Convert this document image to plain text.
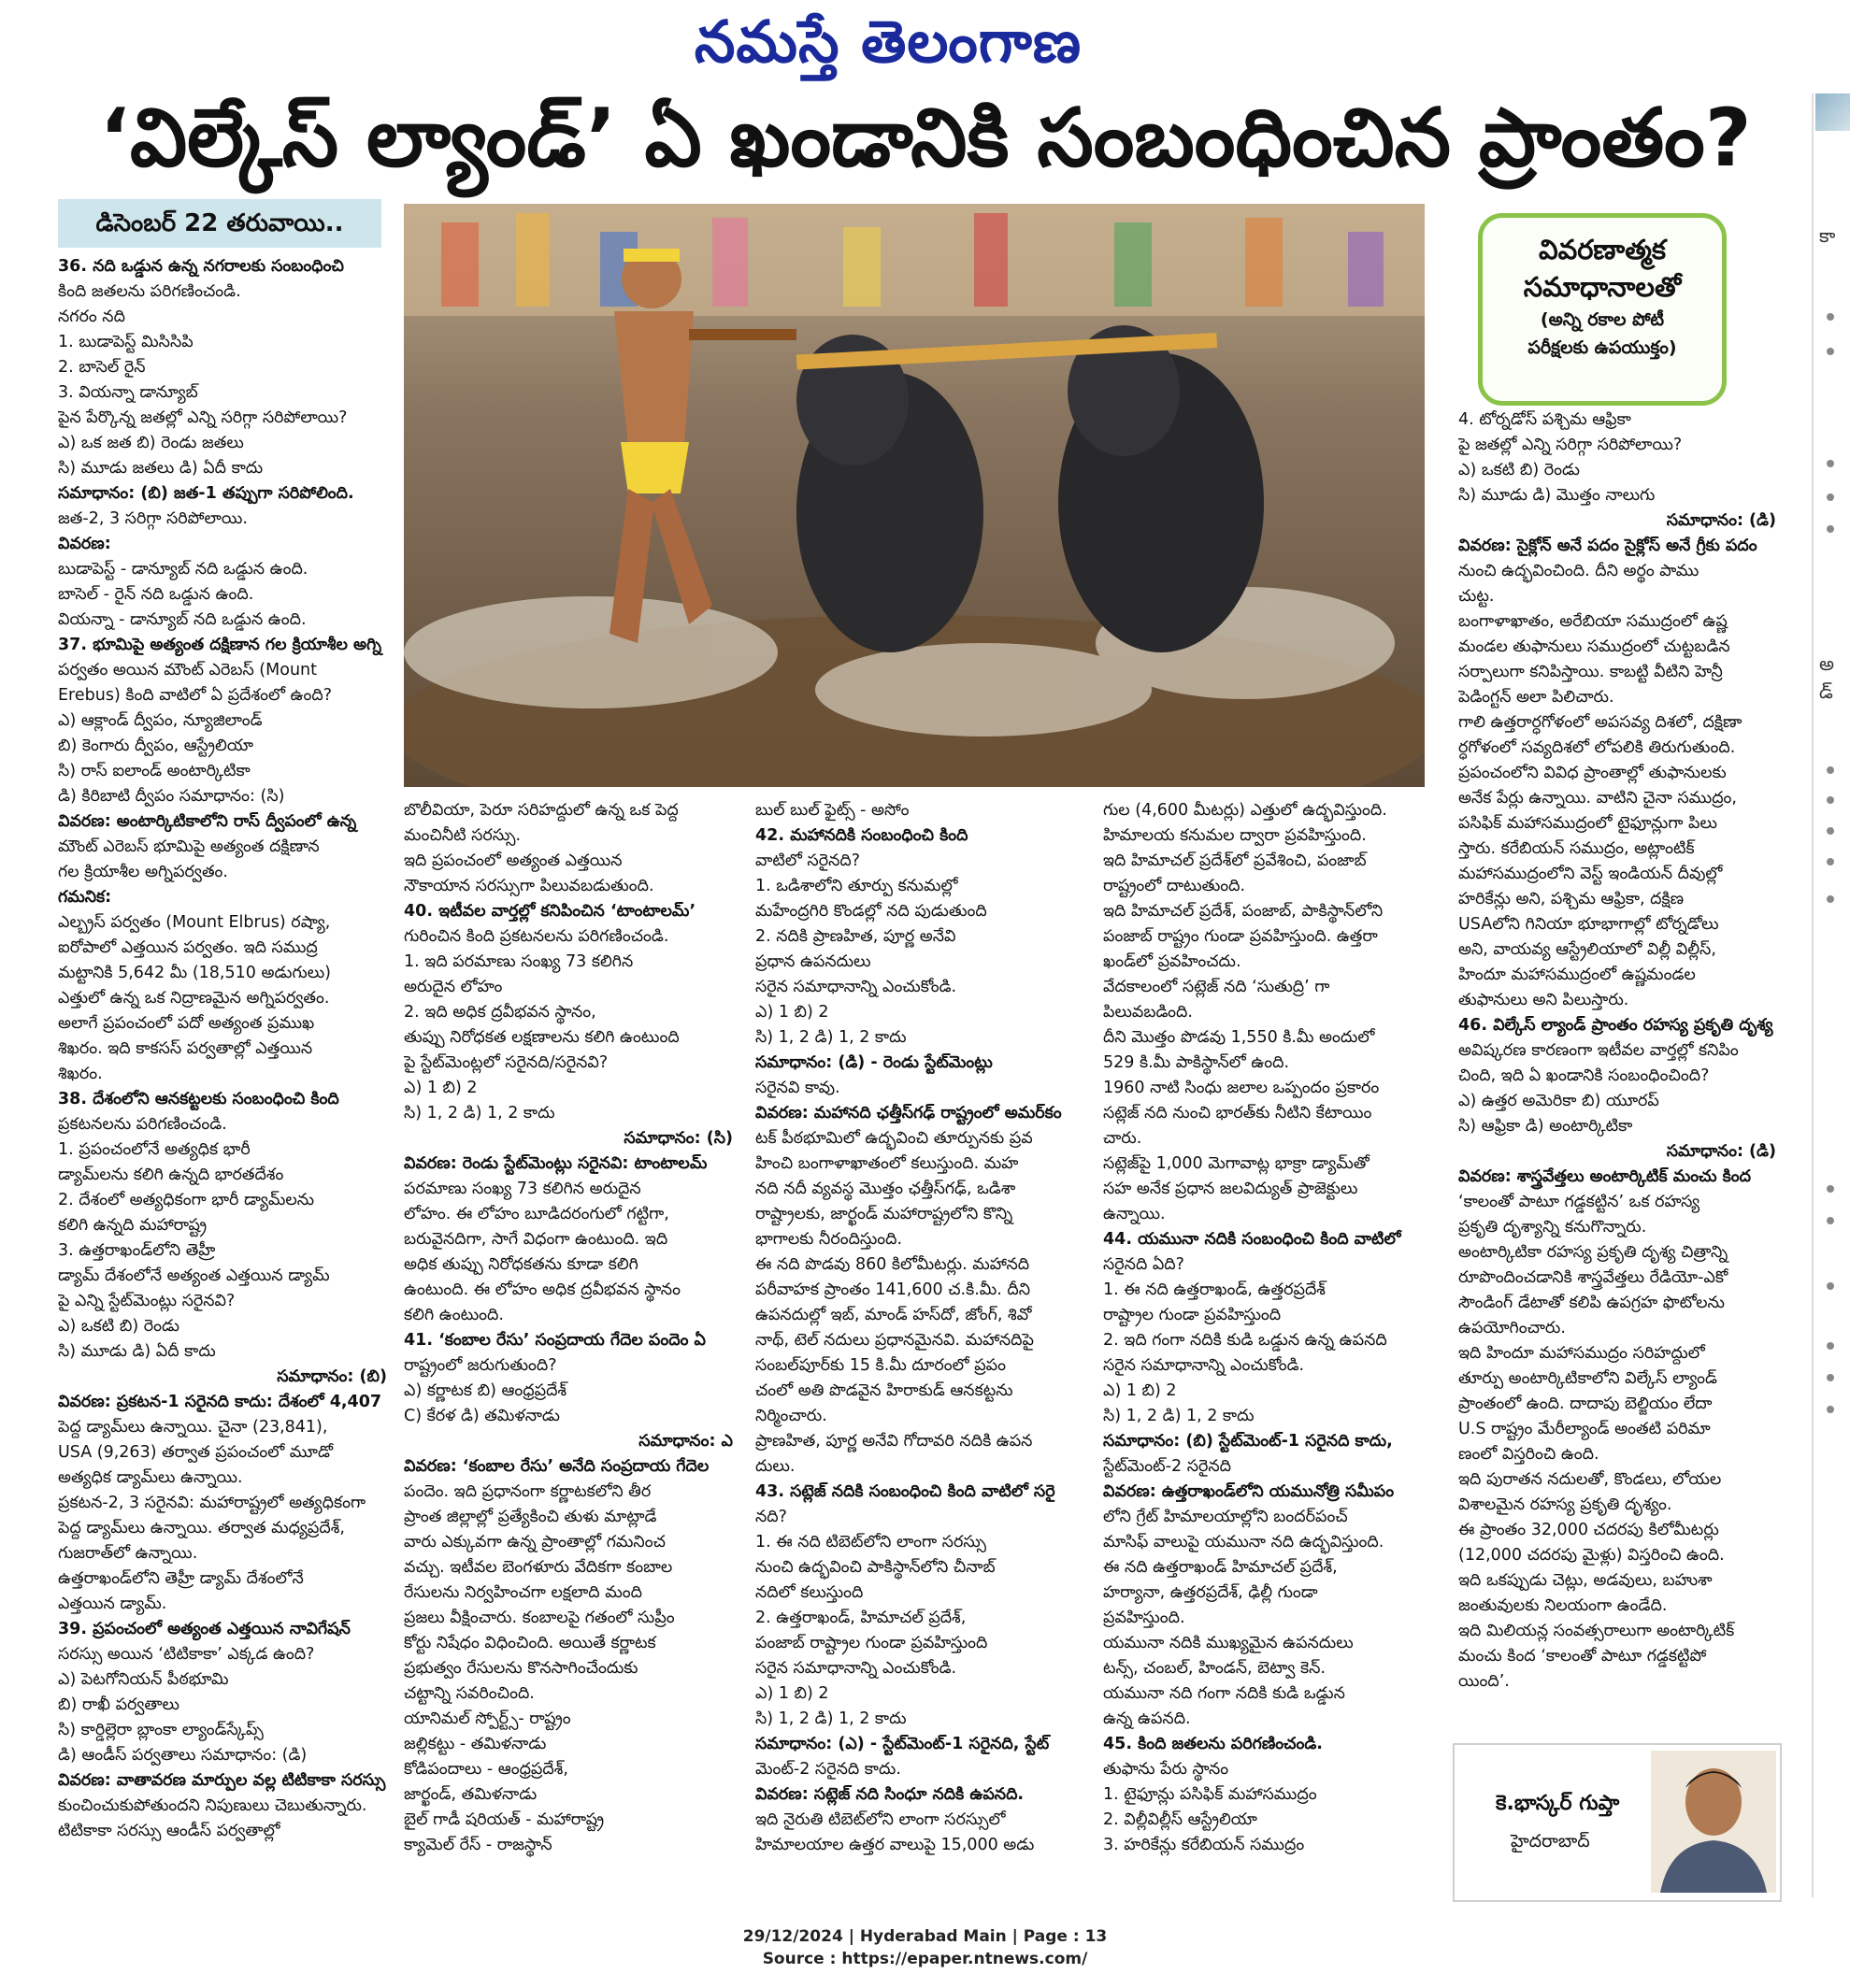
నమస్తే తెలంగాణ
‘విల్కేస్ ల్యాండ్’ ఏ ఖండానికి సంబంధించిన ప్రాంతం?
డిసెంబర్ 22 తరువాయి..
వివరణాత్మక
సమాధానాలతో
(అన్ని రకాల పోటీ
పరీక్షలకు ఉపయుక్తం)

36. నది ఒడ్డున ఉన్న నగరాలకు సంబంధించి

కింది జతలను పరిగణించండి.

నగరం నది

1. బుడాపెస్ట్ మిసిసిపి

2. బాసెల్ రైన్

3. వియన్నా డాన్యూబ్

పైన పేర్కొన్న జతల్లో ఎన్ని సరిగ్గా సరిపోలాయి?

ఎ) ఒక జత బి) రెండు జతలు

సి) మూడు జతలు డి) ఏదీ కాదు

సమాధానం: (బి) జత-1 తప్పుగా సరిపోలింది.

జత-2, 3 సరిగ్గా సరిపోలాయి.

వివరణ:

బుడాపెస్ట్ - డాన్యూబ్ నది ఒడ్డున ఉంది.

బాసెల్ - రైన్ నది ఒడ్డున ఉంది.

వియన్నా - డాన్యూబ్ నది ఒడ్డున ఉంది.

37. భూమిపై అత్యంత దక్షిణాన గల క్రియాశీల అగ్ని

పర్వతం అయిన మౌంట్ ఎరెబస్ (Mount

Erebus) కింది వాటిలో ఏ ప్రదేశంలో ఉంది?

ఎ) ఆక్లాండ్ ద్వీపం, న్యూజిలాండ్

బి) కెంగారు ద్వీపం, ఆస్ట్రేలియా

సి) రాస్ ఐలాండ్ అంటార్కిటికా

డి) కిరిబాటి ద్వీపం సమాధానం: (సి)

వివరణ: అంటార్కిటికాలోని రాస్ ద్వీపంలో ఉన్న

మౌంట్ ఎరెబస్ భూమిపై అత్యంత దక్షిణాన

గల క్రియాశీల అగ్నిపర్వతం.

గమనిక:

ఎల్బ్రస్ పర్వతం (Mount Elbrus) రష్యా,

ఐరోపాలో ఎత్తయిన పర్వతం. ఇది సముద్ర

మట్టానికి 5,642 మీ (18,510 అడుగులు)

ఎత్తులో ఉన్న ఒక నిద్రాణమైన అగ్నిపర్వతం.

అలాగే ప్రపంచంలో పదో అత్యంత ప్రముఖ

శిఖరం. ఇది కాకసస్ పర్వతాల్లో ఎత్తయిన

శిఖరం.

38. దేశంలోని ఆనకట్టలకు సంబంధించి కింది

ప్రకటనలను పరిగణించండి.

1. ప్రపంచంలోనే అత్యధిక భారీ

డ్యామ్‌లను కలిగి ఉన్నది భారతదేశం

2. దేశంలో అత్యధికంగా భారీ డ్యామ్‌లను

కలిగి ఉన్నది మహారాష్ట్ర

3. ఉత్తరాఖండ్‌లోని తెహ్రీ

డ్యామ్ దేశంలోనే అత్యంత ఎత్తయిన డ్యామ్

పై ఎన్ని స్టేట్‌మెంట్లు సరైనవి?

ఎ) ఒకటి బి) రెండు

సి) మూడు డి) ఏదీ కాదు

సమాధానం: (బి)

వివరణ: ప్రకటన-1 సరైనది కాదు: దేశంలో 4,407

పెద్ద డ్యామ్‌లు ఉన్నాయి. చైనా (23,841),

USA (9,263) తర్వాత ప్రపంచంలో మూడో

అత్యధిక డ్యామ్‌లు ఉన్నాయి.

ప్రకటన-2, 3 సరైనవి: మహారాష్ట్రలో అత్యధికంగా

పెద్ద డ్యామ్‌లు ఉన్నాయి. తర్వాత మధ్యప్రదేశ్,

గుజరాత్‌లో ఉన్నాయి.

ఉత్తరాఖండ్‌లోని తెహ్రీ డ్యామ్ దేశంలోనే

ఎత్తయిన డ్యామ్.

39. ప్రపంచంలో అత్యంత ఎత్తయిన నావిగేషన్

సరస్సు అయిన ‘టిటికాకా’ ఎక్కడ ఉంది?

ఎ) పెటగోనియన్ పీఠభూమి

బి) రాఖీ పర్వతాలు

సి) కార్డిల్లెరా బ్లాంకా ల్యాండ్‌స్కేప్స్

డి) ఆండీస్ పర్వతాలు సమాధానం: (డి)

వివరణ: వాతావరణ మార్పుల వల్ల టిటికాకా సరస్సు

కుంచించుకుపోతుందని నిపుణులు చెబుతున్నారు.

టిటికాకా సరస్సు ఆండీస్ పర్వతాల్లో

బొలీవియా, పెరూ సరిహద్దులో ఉన్న ఒక పెద్ద

మంచినీటి సరస్సు.

ఇది ప్రపంచంలో అత్యంత ఎత్తయిన

నౌకాయాన సరస్సుగా పిలువబడుతుంది.

40. ఇటీవల వార్తల్లో కనిపించిన ‘టాంటాలమ్’

గురించిన కింది ప్రకటనలను పరిగణించండి.

1. ఇది పరమాణు సంఖ్య 73 కలిగిన

అరుదైన లోహం

2. ఇది అధిక ద్రవీభవన స్థానం,

తుప్పు నిరోధకత లక్షణాలను కలిగి ఉంటుంది

పై స్టేట్‌మెంట్లలో సరైనది/సరైనవి?

ఎ) 1 బి) 2

సి) 1, 2 డి) 1, 2 కాదు

సమాధానం: (సి)

వివరణ: రెండు స్టేట్‌మెంట్లు సరైనవి: టాంటాలమ్

పరమాణు సంఖ్య 73 కలిగిన అరుదైన

లోహం. ఈ లోహం బూడిదరంగులో గట్టిగా,

బరువైనదిగా, సాగే విధంగా ఉంటుంది. ఇది

అధిక తుప్పు నిరోధకతను కూడా కలిగి

ఉంటుంది. ఈ లోహం అధిక ద్రవీభవన స్థానం

కలిగి ఉంటుంది.

41. ‘కంబాల రేసు’ సంప్రదాయ గేదెల పందెం ఏ

రాష్ట్రంలో జరుగుతుంది?

ఎ) కర్ణాటక బి) ఆంధ్రప్రదేశ్

C) కేరళ డి) తమిళనాడు

సమాధానం: ఎ

వివరణ: ‘కంబాల రేసు’ అనేది సంప్రదాయ గేదెల

పందెం. ఇది ప్రధానంగా కర్ణాటకలోని తీర

ప్రాంత జిల్లాల్లో ప్రత్యేకించి తుళు మాట్లాడే

వారు ఎక్కువగా ఉన్న ప్రాంతాల్లో గమనించ

వచ్చు. ఇటీవల బెంగళూరు వేదికగా కంబాల

రేసులను నిర్వహించగా లక్షలాది మంది

ప్రజలు వీక్షించారు. కంబాలపై గతంలో సుప్రీం

కోర్టు నిషేధం విధించింది. అయితే కర్ణాటక

ప్రభుత్వం రేసులను కొనసాగించేందుకు

చట్టాన్ని సవరించింది.

యానిమల్ స్పోర్ట్స్- రాష్ట్రం

జల్లికట్టు - తమిళనాడు

కోడిపందాలు - ఆంధ్రప్రదేశ్,

జార్ఖండ్, తమిళనాడు

బైల్ గాడీ షరియత్ - మహారాష్ట్ర

క్యామెల్ రేస్ - రాజస్థాన్

బుల్ బుల్ ఫైట్స్ - అసోం

42. మహానదికి సంబంధించి కింది

వాటిలో సరైనది?

1. ఒడిశాలోని తూర్పు కనుమల్లో

మహేంద్రగిరి కొండల్లో నది పుడుతుంది

2. నదికి ప్రాణహిత, పూర్ణ అనేవి

ప్రధాన ఉపనదులు

సరైన సమాధానాన్ని ఎంచుకోండి.

ఎ) 1 బి) 2

సి) 1, 2 డి) 1, 2 కాదు

సమాధానం: (డి) - రెండు స్టేట్‌మెంట్లు

సరైనవి కావు.

వివరణ: మహానది ఛత్తీస్‌గఢ్ రాష్ట్రంలో అమర్‌కం

టక్ పీఠభూమిలో ఉద్భవించి తూర్పునకు ప్రవ

హించి బంగాళాఖాతంలో కలుస్తుంది. మహ

నది నదీ వ్యవస్థ మొత్తం ఛత్తీస్‌గఢ్, ఒడిశా

రాష్ట్రాలకు, జార్ఖండ్ మహారాష్ట్రలోని కొన్ని

భాగాలకు నీరందిస్తుంది.

ఈ నది పొడవు 860 కిలోమీటర్లు. మహానది

పరీవాహక ప్రాంతం 141,600 చ.కి.మీ. దీని

ఉపనదుల్లో ఇబ్, మాండ్ హస్‌దో, జోంగ్, శివో

నాథ్, టెల్ నదులు ప్రధానమైనవి. మహానదిపై

సంబల్‌పూర్‌కు 15 కి.మీ దూరంలో ప్రపం

చంలో అతి పొడవైన హిరాకుడ్ ఆనకట్టను

నిర్మించారు.

ప్రాణహిత, పూర్ణ అనేవి గోదావరి నదికి ఉపన

దులు.

43. సట్లెజ్ నదికి సంబంధించి కింది వాటిలో సరై

నది?

1. ఈ నది టిబెట్‌లోని లాంగా సరస్సు

నుంచి ఉద్భవించి పాకిస్థాన్‌లోని చీనాబ్

నదిలో కలుస్తుంది

2. ఉత్తరాఖండ్, హిమాచల్ ప్రదేశ్,

పంజాబ్ రాష్ట్రాల గుండా ప్రవహిస్తుంది

సరైన సమాధానాన్ని ఎంచుకోండి.

ఎ) 1 బి) 2

సి) 1, 2 డి) 1, 2 కాదు

సమాధానం: (ఎ) - స్టేట్‌మెంట్-1 సరైనది, స్టేట్

మెంట్-2 సరైనది కాదు.

వివరణ: సట్లెజ్ నది సింధూ నదికి ఉపనది.

ఇది నైరుతి టిబెట్‌లోని లాంగా సరస్సులో

హిమాలయాల ఉత్తర వాలుపై 15,000 అడు

గుల (4,600 మీటర్లు) ఎత్తులో ఉద్భవిస్తుంది.

హిమాలయ కనుమల ద్వారా ప్రవహిస్తుంది.

ఇది హిమాచల్ ప్రదేశ్‌లో ప్రవేశించి, పంజాబ్

రాష్ట్రంలో దాటుతుంది.

ఇది హిమాచల్ ప్రదేశ్, పంజాబ్, పాకిస్థాన్‌లోని

పంజాబ్ రాష్ట్రం గుండా ప్రవహిస్తుంది. ఉత్తరా

ఖండ్‌లో ప్రవహించదు.

వేదకాలంలో సట్లెజ్ నది ‘సుతుద్రి’ గా

పిలువబడింది.

దీని మొత్తం పొడవు 1,550 కి.మీ అందులో

529 కి.మీ పాకిస్థాన్‌లో ఉంది.

1960 నాటి సింధు జలాల ఒప్పందం ప్రకారం

సట్లెజ్ నది నుంచి భారత్‌కు నీటిని కేటాయిం

చారు.

సట్లెజ్‌పై 1,000 మెగావాట్ల భాక్రా డ్యామ్‌తో

సహ అనేక ప్రధాన జలవిద్యుత్ ప్రాజెక్టులు

ఉన్నాయి.

44. యమునా నదికి సంబంధించి కింది వాటిలో

సరైనది ఏది?

1. ఈ నది ఉత్తరాఖండ్, ఉత్తరప్రదేశ్

రాష్ట్రాల గుండా ప్రవహిస్తుంది

2. ఇది గంగా నదికి కుడి ఒడ్డున ఉన్న ఉపనది

సరైన సమాధానాన్ని ఎంచుకోండి.

ఎ) 1 బి) 2

సి) 1, 2 డి) 1, 2 కాదు

సమాధానం: (బి) స్టేట్‌మెంట్-1 సరైనది కాదు,

స్టేట్‌మెంట్-2 సరైనది

వివరణ: ఉత్తరాఖండ్‌లోని యమునోత్రి సమీపం

లోని గ్రేట్ హిమాలయాల్లోని బందర్‌పంచ్

మాసిఫ్ వాలుపై యమునా నది ఉద్భవిస్తుంది.

ఈ నది ఉత్తరాఖండ్ హిమాచల్ ప్రదేశ్,

హర్యానా, ఉత్తరప్రదేశ్, ఢిల్లీ గుండా

ప్రవహిస్తుంది.

యమునా నదికి ముఖ్యమైన ఉపనదులు

టన్స్, చంబల్, హిండన్, బెట్వా కెన్.

యమునా నది గంగా నదికి కుడి ఒడ్డున

ఉన్న ఉపనది.

45. కింది జతలను పరిగణించండి.

తుఫాను పేరు స్థానం

1. టైఫూన్లు పసిఫిక్ మహాసముద్రం

2. విల్లీవిల్లీస్ ఆస్ట్రేలియా

3. హరికేన్లు కరేబియన్ సముద్రం

4. టోర్నడోస్ పశ్చిమ ఆఫ్రికా

పై జతల్లో ఎన్ని సరిగ్గా సరిపోలాయి?

ఎ) ఒకటి బి) రెండు

సి) మూడు డి) మొత్తం నాలుగు

సమాధానం: (డి)

వివరణ: సైక్లోన్ అనే పదం సైక్లోస్ అనే గ్రీకు పదం

నుంచి ఉద్భవించింది. దీని అర్థం పాము

చుట్ట.

బంగాళాఖాతం, అరేబియా సముద్రంలో ఉష్ణ

మండల తుఫానులు సముద్రంలో చుట్టబడిన

సర్పాలుగా కనిపిస్తాయి. కాబట్టి వీటిని హెన్రీ

పెడింగ్టన్ అలా పిలిచారు.

గాలి ఉత్తరార్ధగోళంలో అపసవ్య దిశలో, దక్షిణా

ర్ధగోళంలో సవ్యదిశలో లోపలికి తిరుగుతుంది.

ప్రపంచంలోని వివిధ ప్రాంతాల్లో తుఫానులకు

అనేక పేర్లు ఉన్నాయి. వాటిని చైనా సముద్రం,

పసిఫిక్ మహాసముద్రంలో టైఫూన్లుగా పిలు

స్తారు. కరేబియన్ సముద్రం, అట్లాంటిక్

మహాసముద్రంలోని వెస్ట్ ఇండియన్ దీవుల్లో

హరికేన్లు అని, పశ్చిమ ఆఫ్రికా, దక్షిణ

USAలోని గినియా భూభాగాల్లో టోర్నడోలు

అని, వాయవ్య ఆస్ట్రేలియాలో విల్లీ విల్లీస్,

హిందూ మహాసముద్రంలో ఉష్ణమండల

తుఫానులు అని పిలుస్తారు.

46. విల్కేస్ ల్యాండ్ ప్రాంతం రహస్య ప్రకృతి దృశ్య

అవిష్కరణ కారణంగా ఇటీవల వార్తల్లో కనిపిం

చింది, ఇది ఏ ఖండానికి సంబంధించింది?

ఎ) ఉత్తర అమెరికా బి) యూరప్

సి) ఆఫ్రికా డి) అంటార్కిటికా

సమాధానం: (డి)

వివరణ: శాస్త్రవేత్తలు అంటార్కిటిక్ మంచు కింద

‘కాలంతో పాటూ గడ్డకట్టిన’ ఒక రహస్య

ప్రకృతి దృశ్యాన్ని కనుగొన్నారు.

అంటార్కిటికా రహస్య ప్రకృతి దృశ్య చిత్రాన్ని

రూపొందించడానికి శాస్త్రవేత్తలు రేడియో-ఎకో

సౌండింగ్ డేటాతో కలిపి ఉపగ్రహ ఫొటోలను

ఉపయోగించారు.

ఇది హిందూ మహాసముద్రం సరిహద్దులో

తూర్పు అంటార్కిటికాలోని విల్కేస్ ల్యాండ్

ప్రాంతంలో ఉంది. దాదాపు బెల్జియం లేదా

U.S రాష్ట్రం మేరీల్యాండ్ అంతటి పరిమా

ణంలో విస్తరించి ఉంది.

ఇది పురాతన నదులతో, కొండలు, లోయల

విశాలమైన రహస్య ప్రకృతి దృశ్యం.

ఈ ప్రాంతం 32,000 చదరపు కిలోమీటర్లు

(12,000 చదరపు మైళ్లు) విస్తరించి ఉంది.

ఇది ఒకప్పుడు చెట్లు, అడవులు, బహుశా

జంతువులకు నిలయంగా ఉండేది.

ఇది మిలియన్ల సంవత్సరాలుగా అంటార్కిటిక్

మంచు కింద ‘కాలంతో పాటూ గడ్డకట్టిపో

యింది’.

కె.భాస్కర్ గుప్తా
హైదరాబాద్
కా
అ
డ్
29/12/2024 | Hyderabad Main | Page : 13
Source : https://epaper.ntnews.com/
